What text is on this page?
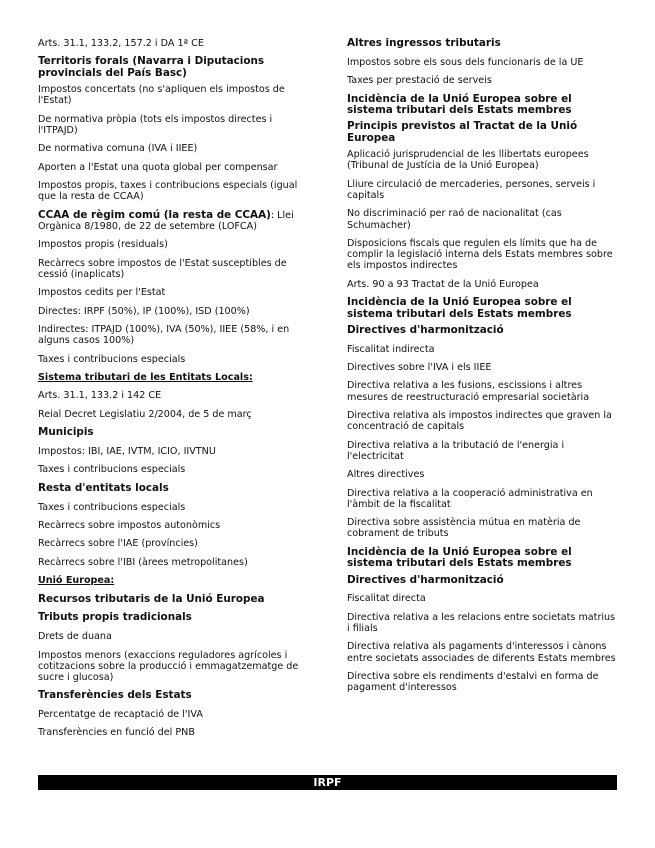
Arts. 31.1, 133.2, 157.2 i DA 1ª CE
Territoris forals (Navarra i Diputacions provincials del País Basc)
Impostos concertats (no s'apliquen els impostos de l'Estat)
De normativa pròpia (tots els impostos directes i l'ITPAJD)
De normativa comuna (IVA i IIEE)
Aporten a l'Estat una quota global per compensar
Impostos propis, taxes i contribucions especials (igual que la resta de CCAA)
CCAA de règim comú (la resta de CCAA): Llei Orgànica 8/1980, de 22 de setembre (LOFCA)
Impostos propis (residuals)
Recàrrecs sobre impostos de l'Estat susceptibles de cessió (inaplicats)
Impostos cedits per l'Estat
Directes: IRPF (50%), IP (100%), ISD (100%)
Indirectes: ITPAJD (100%), IVA (50%), IIEE (58%, i en alguns casos 100%)
Taxes i contribucions especials
Sistema tributari de les Entitats Locals:
Arts. 31.1, 133.2 i 142 CE
Reial Decret Legislatiu 2/2004, de 5 de març
Municipis
Impostos: IBI, IAE, IVTM, ICIO, IIVTNU
Taxes i contribucions especials
Resta d'entitats locals
Taxes i contribucions especials
Recàrrecs sobre impostos autonòmics
Recàrrecs sobre l'IAE (províncies)
Recàrrecs sobre l'IBI (àrees metropolitanes)
Unió Europea:
Recursos tributaris de la Unió Europea
Tributs propis tradicionals
Drets de duana
Impostos menors (exaccions reguladores agrícoles i cotitzacions sobre la producció i emmagatzematge de sucre i glucosa)
Transferències dels Estats
Percentatge de recaptació de l'IVA
Transferències en funció del PNB
Altres ingressos tributaris
Impostos sobre els sous dels funcionaris de la UE
Taxes per prestació de serveis
Incidència de la Unió Europea sobre el sistema tributari dels Estats membres
Principis previstos al Tractat de la Unió Europea
Aplicació jurisprudencial de les llibertats europees (Tribunal de Justícia de la Unió Europea)
Lliure circulació de mercaderies, persones, serveis i capitals
No discriminació per raó de nacionalitat (cas Schumacher)
Disposicions fiscals que regulen els límits que ha de complir la legislació interna dels Estats membres sobre els impostos indirectes
Arts. 90 a 93 Tractat de la Unió Europea
Incidència de la Unió Europea sobre el sistema tributari dels Estats membres
Directives d'harmonització
Fiscalitat indirecta
Directives sobre l'IVA i els IIEE
Directiva relativa a les fusions, escissions i altres mesures de reestructuració empresarial societària
Directiva relativa als impostos indirectes que graven la concentració de capitals
Directiva relativa a la tributació de l'energia i l'electricitat
Altres directives
Directiva relativa a la cooperació administrativa en l'àmbit de la fiscalitat
Directiva sobre assistència mútua en matèria de cobrament de tributs
Incidència de la Unió Europea sobre el sistema tributari dels Estats membres
Directives d'harmonització
Fiscalitat directa
Directiva relativa a les relacions entre societats matrius i filials
Directiva relativa als pagaments d'interessos i cànons entre societats associades de diferents Estats membres
Directiva sobre els rendiments d'estalvi en forma de pagament d'interessos
IRPF
